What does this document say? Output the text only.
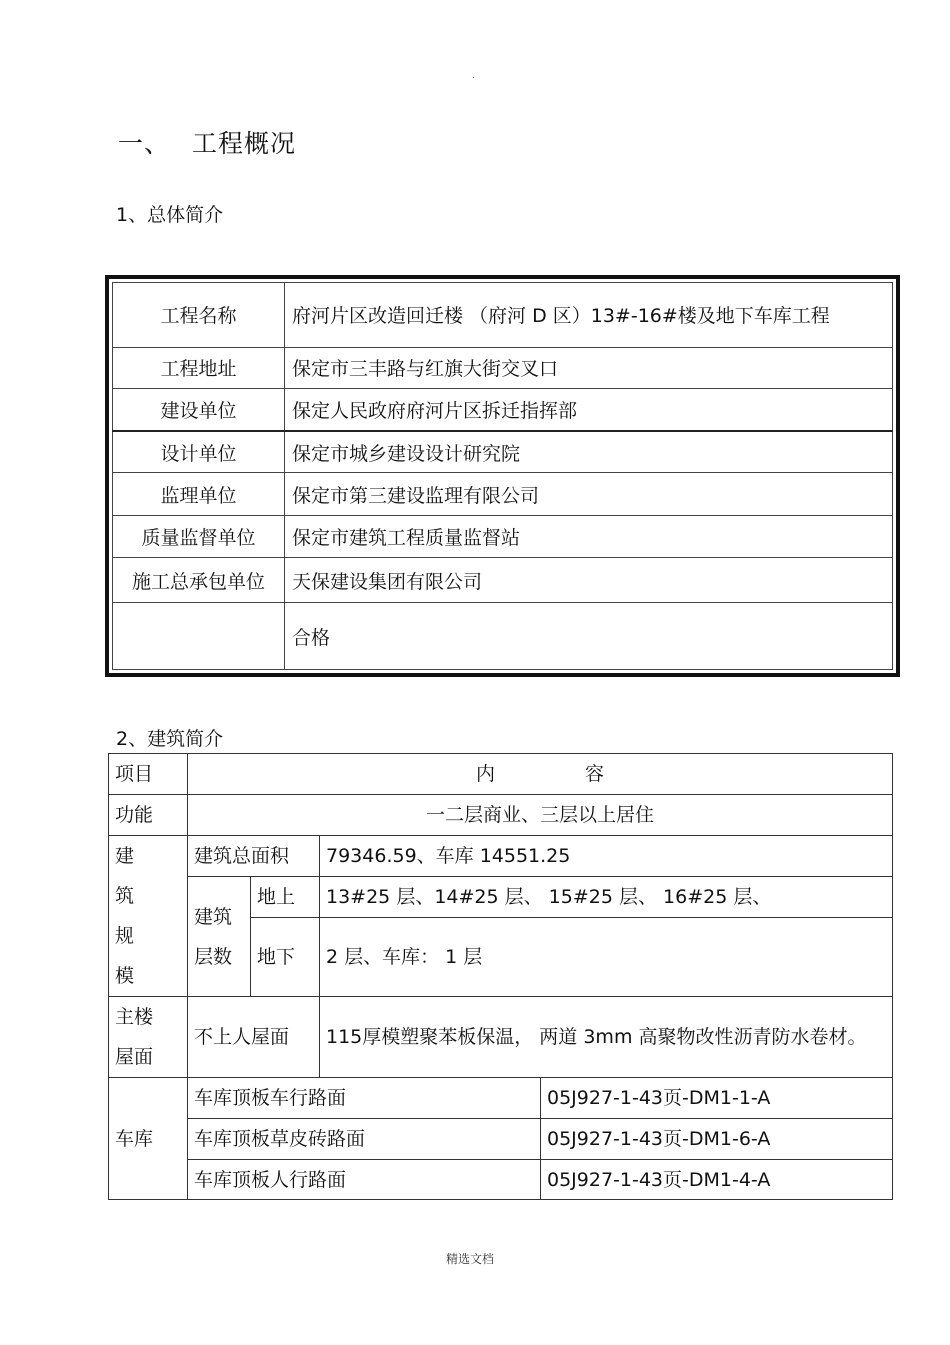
.
一、 工程概况
1、总体简介
工程名称	府河片区改造回迁楼 （府河 D 区）13#-16#楼及地下车库工程
工程地址	保定市三丰路与红旗大街交叉口
建设单位	保定人民政府府河片区拆迁指挥部
设计单位	保定市城乡建设设计研究院
监理单位	保定市第三建设监理有限公司
质量监督单位	保定市建筑工程质量监督站
施工总承包单位	天保建设集团有限公司
	合格
2、建筑简介
项目	内 容			
功能	一二层商业、三层以上居住			

建
筑
规
模	建筑总面积		79346.59、车库 14551.25	

	建筑
层数	地上	13#25 层、14#25 层、 15#25 层、 16#25 层、	
		地下	2 层、车库： 1 层	

主楼
屋面	不上人屋面		115厚模塑聚苯板保温， 两道 3mm 高聚物改性沥青防水卷材。	
车库	车库顶板车行路面			05J927-1-43页-DM1-1-A
	车库顶板草皮砖路面			05J927-1-43页-DM1-6-A
	车库顶板人行路面			05J927-1-43页-DM1-4-A
精选文档
